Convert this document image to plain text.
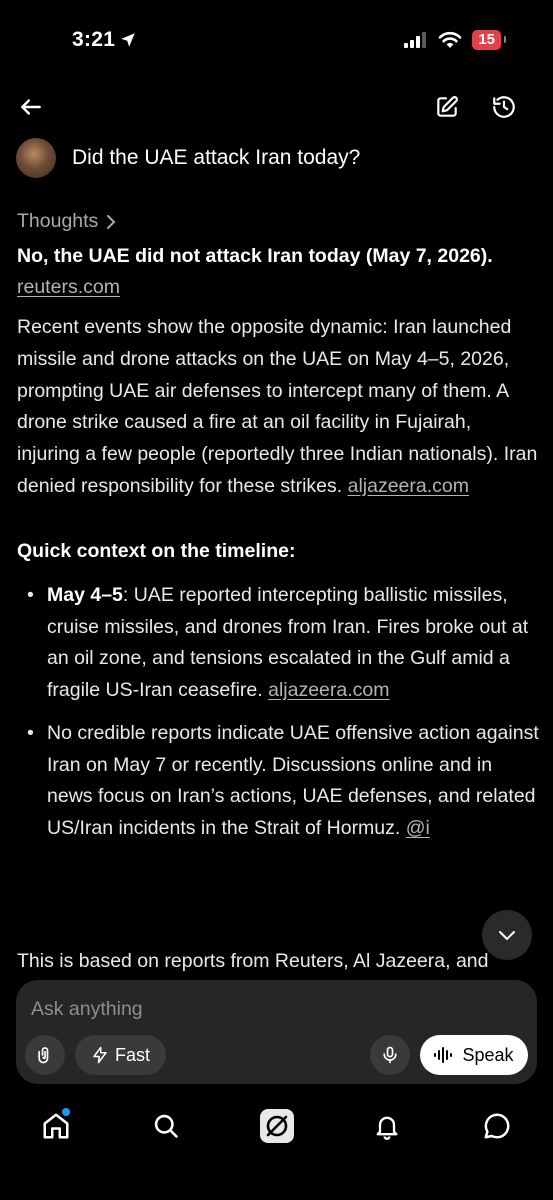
3:21	15
Did the UAE attack Iran today?
Thoughts

No, the UAE did not attack Iran today (May 7, 2026).

reuters.com

Recent events show the opposite dynamic: Iran launched missile and drone attacks on the UAE on May 4–5, 2026, prompting UAE air defenses to intercept many of them. A drone strike caused a fire at an oil facility in Fujairah, injuring a few people (reportedly three Indian nationals). Iran denied responsibility for these strikes. aljazeera.com

Quick context on the timeline:
• May 4–5: UAE reported intercepting ballistic missiles, cruise missiles, and drones from Iran. Fires broke out at an oil zone, and tensions escalated in the Gulf amid a fragile US-Iran ceasefire. aljazeera.com
• No credible reports indicate UAE offensive action against Iran on May 7 or recently. Discussions online and in news focus on Iran’s actions, UAE defenses, and related US/Iran incidents in the Strait of Hormuz. @i
This is based on reports from Reuters, Al Jazeera, and
Ask anything
Fast	Speak
